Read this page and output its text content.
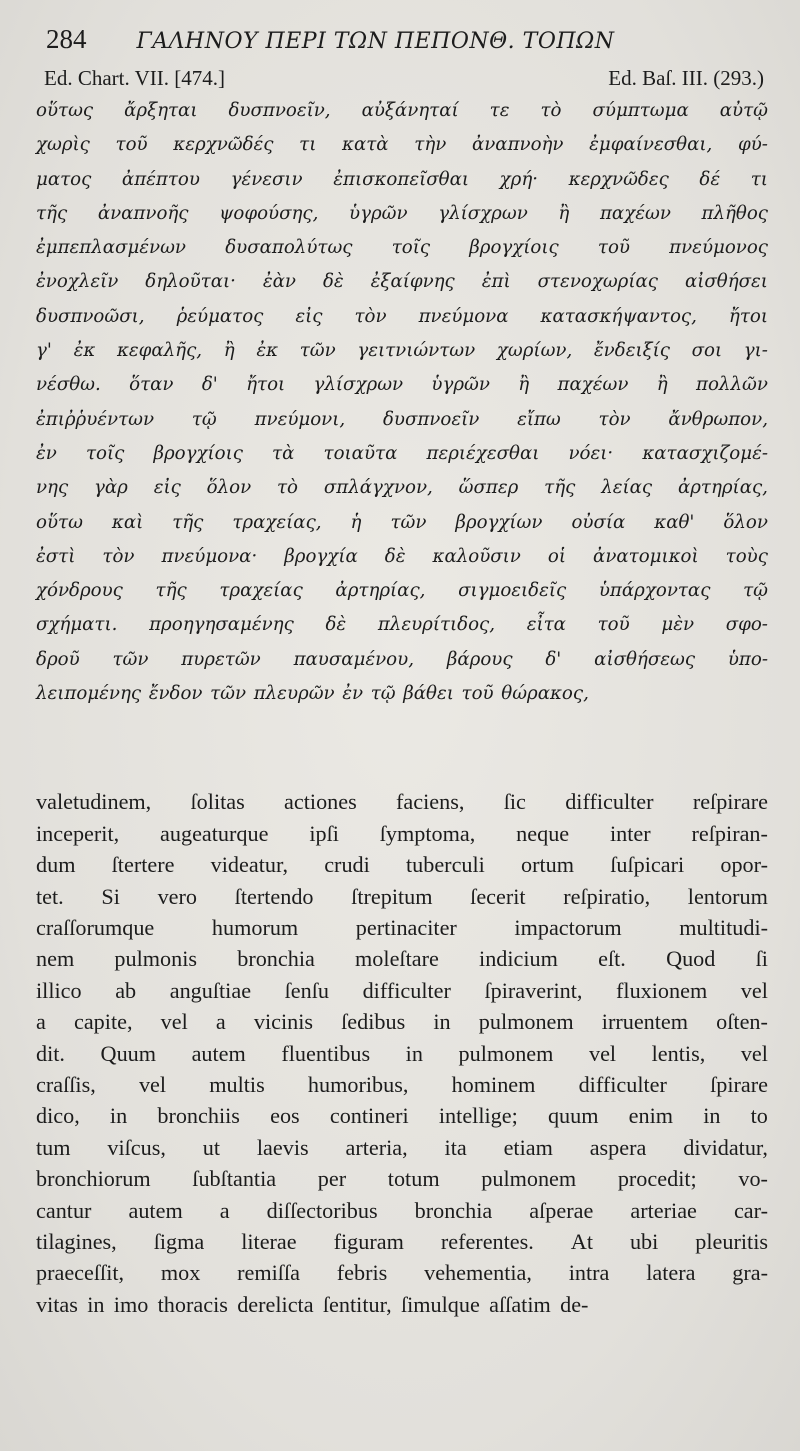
284 ΓΑΛΗΝΟΥ ΠΕΡΙ ΤΩΝ ΠΕΠΟΝΘ. ΤΟΠΩΝ
Ed. Chart. VII. [474.]	Ed. Baſ. III. (293.)
οὕτως ἄρξηται δυσπνοεῖν, αὐξάνηταί τε τὸ σύμπτωμα αὐτῷ
χωρὶς τοῦ κερχνῶδές τι κατὰ τὴν ἀναπνοὴν ἐμφαίνεσθαι, φύ-
ματος ἀπέπτου γένεσιν ἐπισκοπεῖσθαι χρή· κερχνῶδες δέ τι
τῆς ἀναπνοῆς ψοφούσης, ὑγρῶν γλίσχρων ἢ παχέων πλῆθος
ἐμπεπλασμένων δυσαπολύτως τοῖς βρογχίοις τοῦ πνεύμονος
ἐνοχλεῖν δηλοῦται· ἐὰν δὲ ἐξαίφνης ἐπὶ στενοχωρίας αἰσθήσει
δυσπνοῶσι, ῥεύματος εἰς τὸν πνεύμονα κατασκήψαντος, ἤτοι
γ' ἐκ κεφαλῆς, ἢ ἐκ τῶν γειτνιώντων χωρίων, ἔνδειξίς σοι γι-
νέσθω. ὅταν δ' ἤτοι γλίσχρων ὑγρῶν ἢ παχέων ἢ πολλῶν
ἐπιῤῥυέντων τῷ πνεύμονι, δυσπνοεῖν εἴπω τὸν ἄνθρωπον,
ἐν τοῖς βρογχίοις τὰ τοιαῦτα περιέχεσθαι νόει· κατασχιζομέ-
νης γὰρ εἰς ὅλον τὸ σπλάγχνον, ὥσπερ τῆς λείας ἀρτηρίας,
οὕτω καὶ τῆς τραχείας, ἡ τῶν βρογχίων οὐσία καθ' ὅλον
ἐστὶ τὸν πνεύμονα· βρογχία δὲ καλοῦσιν οἱ ἀνατομικοὶ τοὺς
χόνδρους τῆς τραχείας ἀρτηρίας, σιγμοειδεῖς ὑπάρχοντας τῷ
σχήματι. προηγησαμένης δὲ πλευρίτιδος, εἶτα τοῦ μὲν σφο-
δροῦ τῶν πυρετῶν παυσαμένου, βάρους δ' αἰσθήσεως ὑπο-
λειπομένης ἔνδον τῶν πλευρῶν ἐν τῷ βάθει τοῦ θώρακος,
valetudinem, ſolitas actiones faciens, ſic difficulter reſpirare
inceperit, augeaturque ipſi ſymptoma, neque inter reſpiran-
dum ſtertere videatur, crudi tuberculi ortum ſuſpicari opor-
tet. Si vero ſtertendo ſtrepitum ſecerit reſpiratio, lentorum
craſſorumque	humorum	pertinaciter	impactorum	multitudi-
nem pulmonis bronchia moleſtare indicium eſt. Quod ſi
illico ab anguſtiae ſenſu difficulter ſpiraverint, fluxionem vel
a capite, vel a vicinis ſedibus in pulmonem irruentem oſten-
dit. Quum autem fluentibus in pulmonem vel lentis, vel
craſſis, vel multis humoribus, hominem difficulter ſpirare
dico, in bronchiis eos contineri intellige; quum enim in to
tum viſcus, ut laevis arteria, ita etiam aspera dividatur,
bronchiorum ſubſtantia per totum pulmonem procedit; vo-
cantur autem a diſſectoribus bronchia aſperae arteriae car-
tilagines, ſigma literae figuram referentes. At ubi pleuritis
praeceſſit, mox remiſſa febris vehementia, intra latera gra-
vitas in imo thoracis derelicta ſentitur, ſimulque aſſatim de-
